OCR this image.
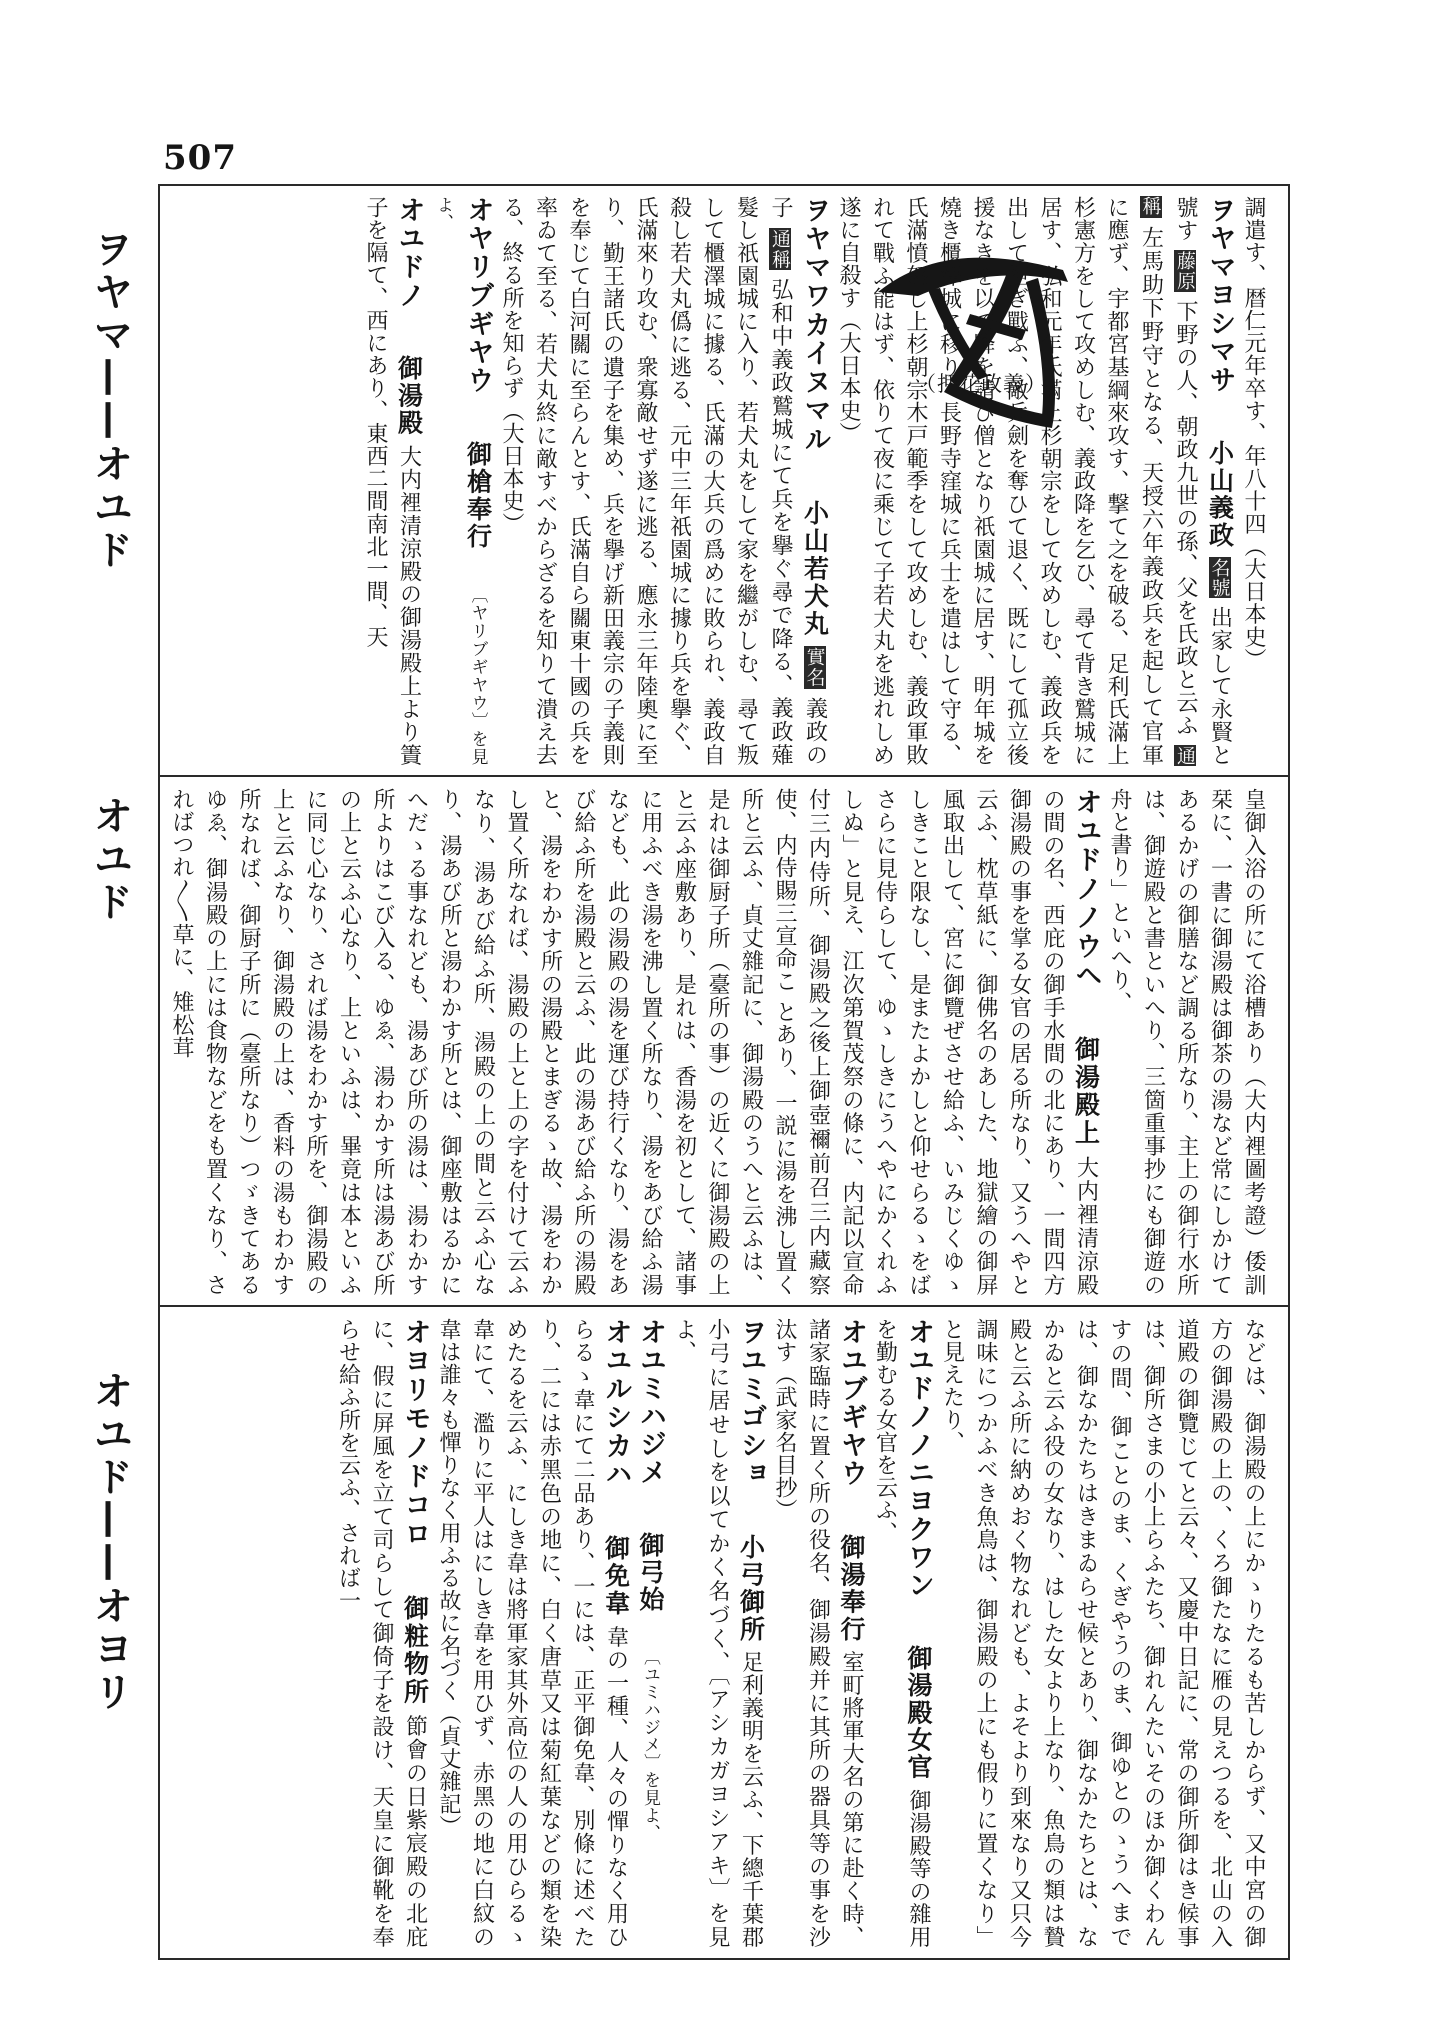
507
ヲヤマ——オユド
オユド
オユド——オヨリ
（押花政義）	調遣す、暦仁元年卒す、年八十四（大日本史）

ヲヤマヨシマサ 小山義政 名號 出家して永賢と號す 藤原 下野の人、朝政九世の孫、父を氏政と云ふ 通稱 左馬助下野守となる、天授六年義政兵を起して官軍に應ず、宇都宮基綱來攻す、撃て之を破る、足利氏滿上杉憲方をして攻めしむ、義政降を乞ひ、尋て背き鷲城に居す、弘和元年氏滿上杉朝宗をして攻めしむ、義政兵を出して拒ぎ戰ふ、敵兵劍を奪ひて退く、既にして孤立後援なきを以て降を請ひ僧となり祇園城に居す、明年城を燒き櫃澤城に移り、長野寺窪城に兵士を遣はして守る、氏滿憤怒し上杉朝宗木戸範季をして攻めしむ、義政軍敗れて戰ふ能はず、依りて夜に乘じて子若犬丸を逃れしめ遂に自殺す（大日本史）

ヲヤマワカイヌマル 小山若犬丸 實名 義政の子 通稱 弘和中義政鷲城にて兵を擧ぐ尋で降る、義政薙髮し祇園城に入り、若犬丸をして家を繼がしむ、尋て叛して櫃澤城に據る、氏滿の大兵の爲めに敗られ、義政自殺し若犬丸僞に逃る、元中三年祇園城に據り兵を擧ぐ、氏滿來り攻む、衆寡敵せず遂に逃る、應永三年陸奧に至り、勤王諸氏の遺子を集め、兵を擧げ新田義宗の子義則を奉じて白河關に至らんとす、氏滿自ら關東十國の兵を率ゐて至る、若犬丸終に敵すべからざるを知りて潰え去る、終る所を知らず（大日本史）

オヤリブギヤウ 御槍奉行 〔ヤリブギヤウ〕を見よ、

オユドノ 御湯殿 大内裡清涼殿の御湯殿上より簀子を隔て、西にあり、東西二間南北一間、天

皇御入浴の所にて浴槽あり（大内裡圖考證）倭訓栞に、一書に御湯殿は御茶の湯など常にしかけてあるかげの御膳など調る所なり、主上の御行水所は、御遊殿と書といへり、三箇重事抄にも御遊の舟と書り」といへり、

オユドノノウヘ 御湯殿上 大内裡清涼殿の間の名、西庇の御手水間の北にあり、一間四方御湯殿の事を掌る女官の居る所なり、又うへやと云ふ、枕草紙に、御佛名のあした、地獄繪の御屏風取出して、宮に御覽ぜさせ給ふ、いみじくゆゝしきこと限なし、是またよかしと仰せらるゝをばさらに見侍らして、ゆゝしきにうへやにかくれふしぬ」と見え、江次第賀茂祭の條に、内記以宣命付三内侍所、御湯殿之後上御壺禰前召三内藏察使、内侍賜三宣命こ とあり、一説に湯を沸し置く所と云ふ、貞丈雜記に、御湯殿のうへと云ふは、是れは御厨子所（臺所の事）の近くに御湯殿の上と云ふ座敷あり、是れは、香湯を初として、諸事に用ふべき湯を沸し置く所なり、湯をあび給ふ湯なども、此の湯殿の湯を運び持行くなり、湯をあび給ふ所を湯殿と云ふ、此の湯あび給ふ所の湯殿と、湯をわかす所の湯殿とまぎるゝ故、湯をわかし置く所なれば、湯殿の上と上の字を付けて云ふなり、湯あび給ふ所、湯殿の上の間と云ふ心なり、湯あび所と湯わかす所とは、御座敷はるかにへだゝる事なれども、湯あび所の湯は、湯わかす所よりはこび入る、ゆゑ、湯わかす所は湯あび所の上と云ふ心なり、上といふは、畢竟は本といふに同じ心なり、されば湯をわかす所を、御湯殿の上と云ふなり、御湯殿の上は、香料の湯もわかす所なれば、御厨子所に（臺所なり）つゞきてあるゆゑ、御湯殿の上には食物などをも置くなり、さればつれ〳〵草に、雉松茸

などは、御湯殿の上にかゝりたるも苦しからず、又中宮の御方の御湯殿の上の、くろ御たなに雁の見えつるを、北山の入道殿の御覽じてと云々、又慶中日記に、常の御所御はき候事は、御所さまの小上らふたち、御れんたいそのほか御くわんすの間、御ことのま、くぎやうのま、御ゆとのゝうへまでは、御なかたちはきまゐらせ候とあり、御なかたちとは、なかゐと云ふ役の女なり、はした女より上なり、魚鳥の類は贄殿と云ふ所に納めおく物なれども、よそより到來なり又只今調味につかふべき魚鳥は、御湯殿の上にも假りに置くなり」と見えたり、

オユドノノニヨクワン 御湯殿女官 御湯殿等の雜用を勤むる女官を云ふ、

オユブギヤウ 御湯奉行 室町將軍大名の第に赴く時、諸家臨時に置く所の役名、御湯殿并に其所の器具等の事を沙汰す（武家名目抄）

ヲユミゴショ 小弓御所 足利義明を云ふ、下總千葉郡小弓に居せしを以てかく名づく、〔アシカガヨシアキ〕を見よ、

オユミハジメ 御弓始 〔ユミハジメ〕を見よ、

オユルシカハ 御免韋 韋の一種、人々の憚りなく用ひらるゝ韋にて二品あり、一には、正平御免韋、別條に述べたり、二には赤黑色の地に、白く唐草又は菊紅葉などの類を染めたるを云ふ、にしき韋は將軍家其外高位の人の用ひらるゝ韋にて、濫りに平人はにしき韋を用ひず、赤黑の地に白紋の韋は誰々も憚りなく用ふる故に名づく（貞丈雜記）

オヨリモノドコロ 御粧物所 節會の日紫宸殿の北庇に、假に屏風を立て司らして御倚子を設け、天皇に御靴を奉らせ給ふ所を云ふ、されば一
